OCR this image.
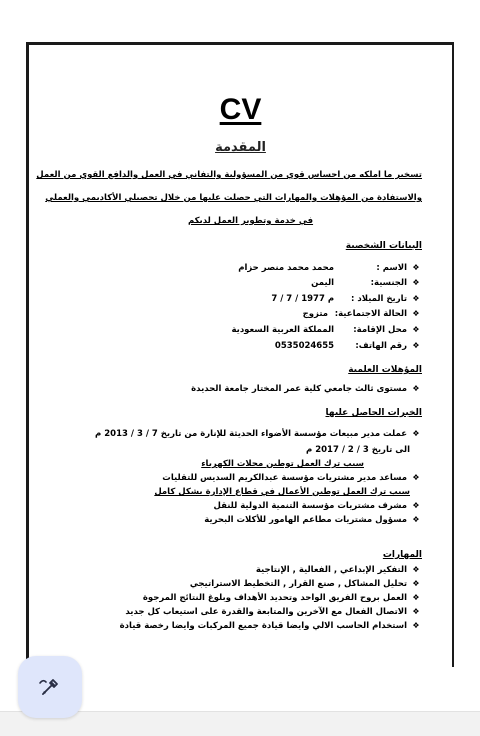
CV
المقدمة
تسخير ما املكه من احساس قوي من المسؤولية والتفاني في العمل والدافع القوي من العمل
والاستفادة من المؤهلات والمهارات التي حصلت عليها من خلال تحصيلي الأكاديمي والعملي
في خدمة وتطوير العمل لديكم
البيانات الشخصية
❖ الاسم : محمد محمد منصر حزام
❖ الجنسية: اليمن
❖ تاريخ الميلاد : 7 / 7 / 1977 م
❖ الحالة الاجتماعية: متزوج
❖ محل الإقامة: المملكة العربية السعودية
❖ رقم الهاتف: 0535024655
المؤهلات العلمية
❖ مستوى ثالث جامعي كلية عمر المختار جامعة الحديدة
الخبرات الحاصل عليها
❖ عملت مدير مبيعات مؤسسة الأضواء الحديثة للإنارة من تاريخ 7 / 3 / 2013 م
الى تاريخ 3 / 2 / 2017 م
سبب ترك العمل توطين محلات الكهرباء
❖ مساعد مدير مشتريات مؤسسة عبدالكريم السديس للتقليات
سبب ترك العمل توطين الأعمال في قطاع الإدارة بشكل كامل
❖ مشرف مشتريات مؤسسة التنمية الدولية للنقل
❖ مسؤول مشتريات مطاعم الهامور للأكلات البحرية
المهارات
❖ التفكير الإبداعي , الفعالية , الإنتاجية
❖ تحليل المشاكل , صنع القرار , التخطيط الاستراتيجي
❖ العمل بروح الفريق الواحد وتحديد الأهداف وبلوغ النتائج المرجوة
❖ الاتصال الفعال مع الآخرين والمتابعة والقدرة على استيعاب كل جديد
❖ استخدام الحاسب الالي وايضا قيادة جميع المركبات وايضا رخصة قيادة
